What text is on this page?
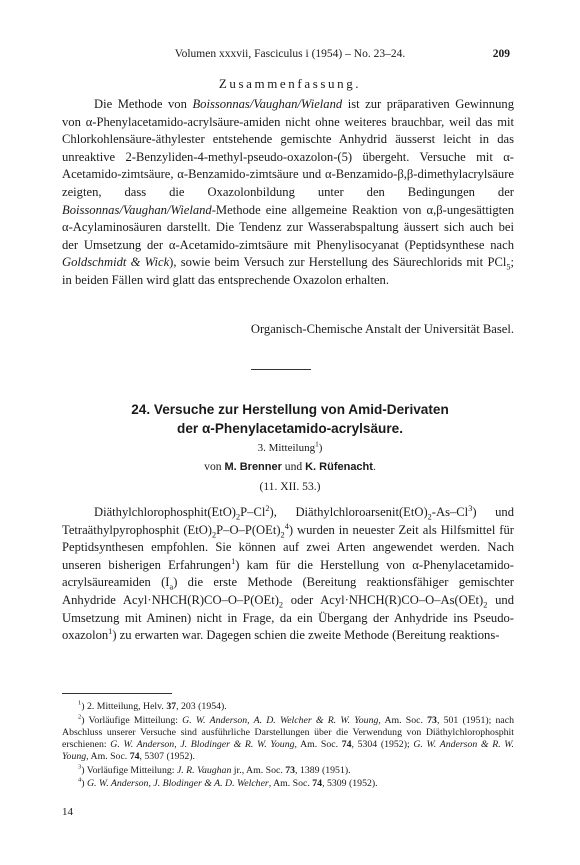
Volumen xxxvii, Fasciculus i (1954) – No. 23–24.	209
Zusammenfassung.

Die Methode von Boissonnas/Vaughan/Wieland ist zur präparativen Gewinnung von α-Phenylacetamido-acrylsäure-amiden nicht ohne weiteres brauchbar, weil das mit Chlorkohlensäure-äthylester entstehende gemischte Anhydrid äusserst leicht in das unreaktive 2-Benzyliden-4-methyl-pseudo-oxazolon-(5) übergeht. Versuche mit α-Acetamido-zimtsäure, α-Benzamido-zimtsäure und α-Benzamido-β,β-dimethylacrylsäure zeigten, dass die Oxazolonbildung unter den Bedingungen der Boissonnas/Vaughan/Wieland-Methode eine allgemeine Reaktion von α,β-ungesättigten α-Acylaminosäuren darstellt. Die Tendenz zur Wasserabspaltung äussert sich auch bei der Umsetzung der α-Acetamido-zimtsäure mit Phenylisocyanat (Peptidsynthese nach Goldschmidt & Wick), sowie beim Versuch zur Herstellung des Säurechlorids mit PCl$_5$; in beiden Fällen wird glatt das entsprechende Oxazolon erhalten.

Organisch-Chemische Anstalt der Universität Basel.
24. Versuche zur Herstellung von Amid-Derivaten
der α-Phenylacetamido-acrylsäure.
3. Mitteilung$^1$)
von M. Brenner und K. Rüfenacht.
(11. XII. 53.)

$Diäthylchlorophosphit(EtO)_2P-Cl^2$), $Diäthylchloroarsenit(EtO)_2-As-Cl^3$) und Tetraäthylpyrophosphit $(EtO)_2P-O-P(OEt)_2^4$) wurden in neuester Zeit als Hilfsmittel für Peptidsynthesen empfohlen. Sie können auf zwei Arten angewendet werden. Nach unseren bisherigen Erfahrungen$^1$) kam für die Herstellung von α-Phenylacetamido-acrylsäureamiden $(I_a)$ die erste Methode (Bereitung reaktionsfähiger gemischter Anhydride $Acyl\cdot NHCH(R)CO-O-P(OEt)_2$ oder $Acyl\cdot NHCH(R)CO-O-As(OEt)_2$ und Umsetzung mit Aminen) nicht in Frage, da ein Übergang der Anhydride ins Pseudo-oxazolon$^1$) zu erwarten war. Dagegen schien die zweite Methode (Bereitung reaktions-

$^1$) 2. Mitteilung, Helv. 37, 203 (1954).

$^2$) Vorläufige Mitteilung: G. W. Anderson, A. D. Welcher & R. W. Young, Am. Soc. 73, 501 (1951); nach Abschluss unserer Versuche sind ausführliche Darstellungen über die Verwendung von Diäthylchlorophosphit erschienen: G. W. Anderson, J. Blodinger & R. W. Young, Am. Soc. 74, 5304 (1952); G. W. Anderson & R. W. Young, Am. Soc. 74, 5307 (1952).

$^3$) Vorläufige Mitteilung: J. R. Vaughan jr., Am. Soc. 73, 1389 (1951).

$^4$) G. W. Anderson, J. Blodinger & A. D. Welcher, Am. Soc. 74, 5309 (1952).

14
